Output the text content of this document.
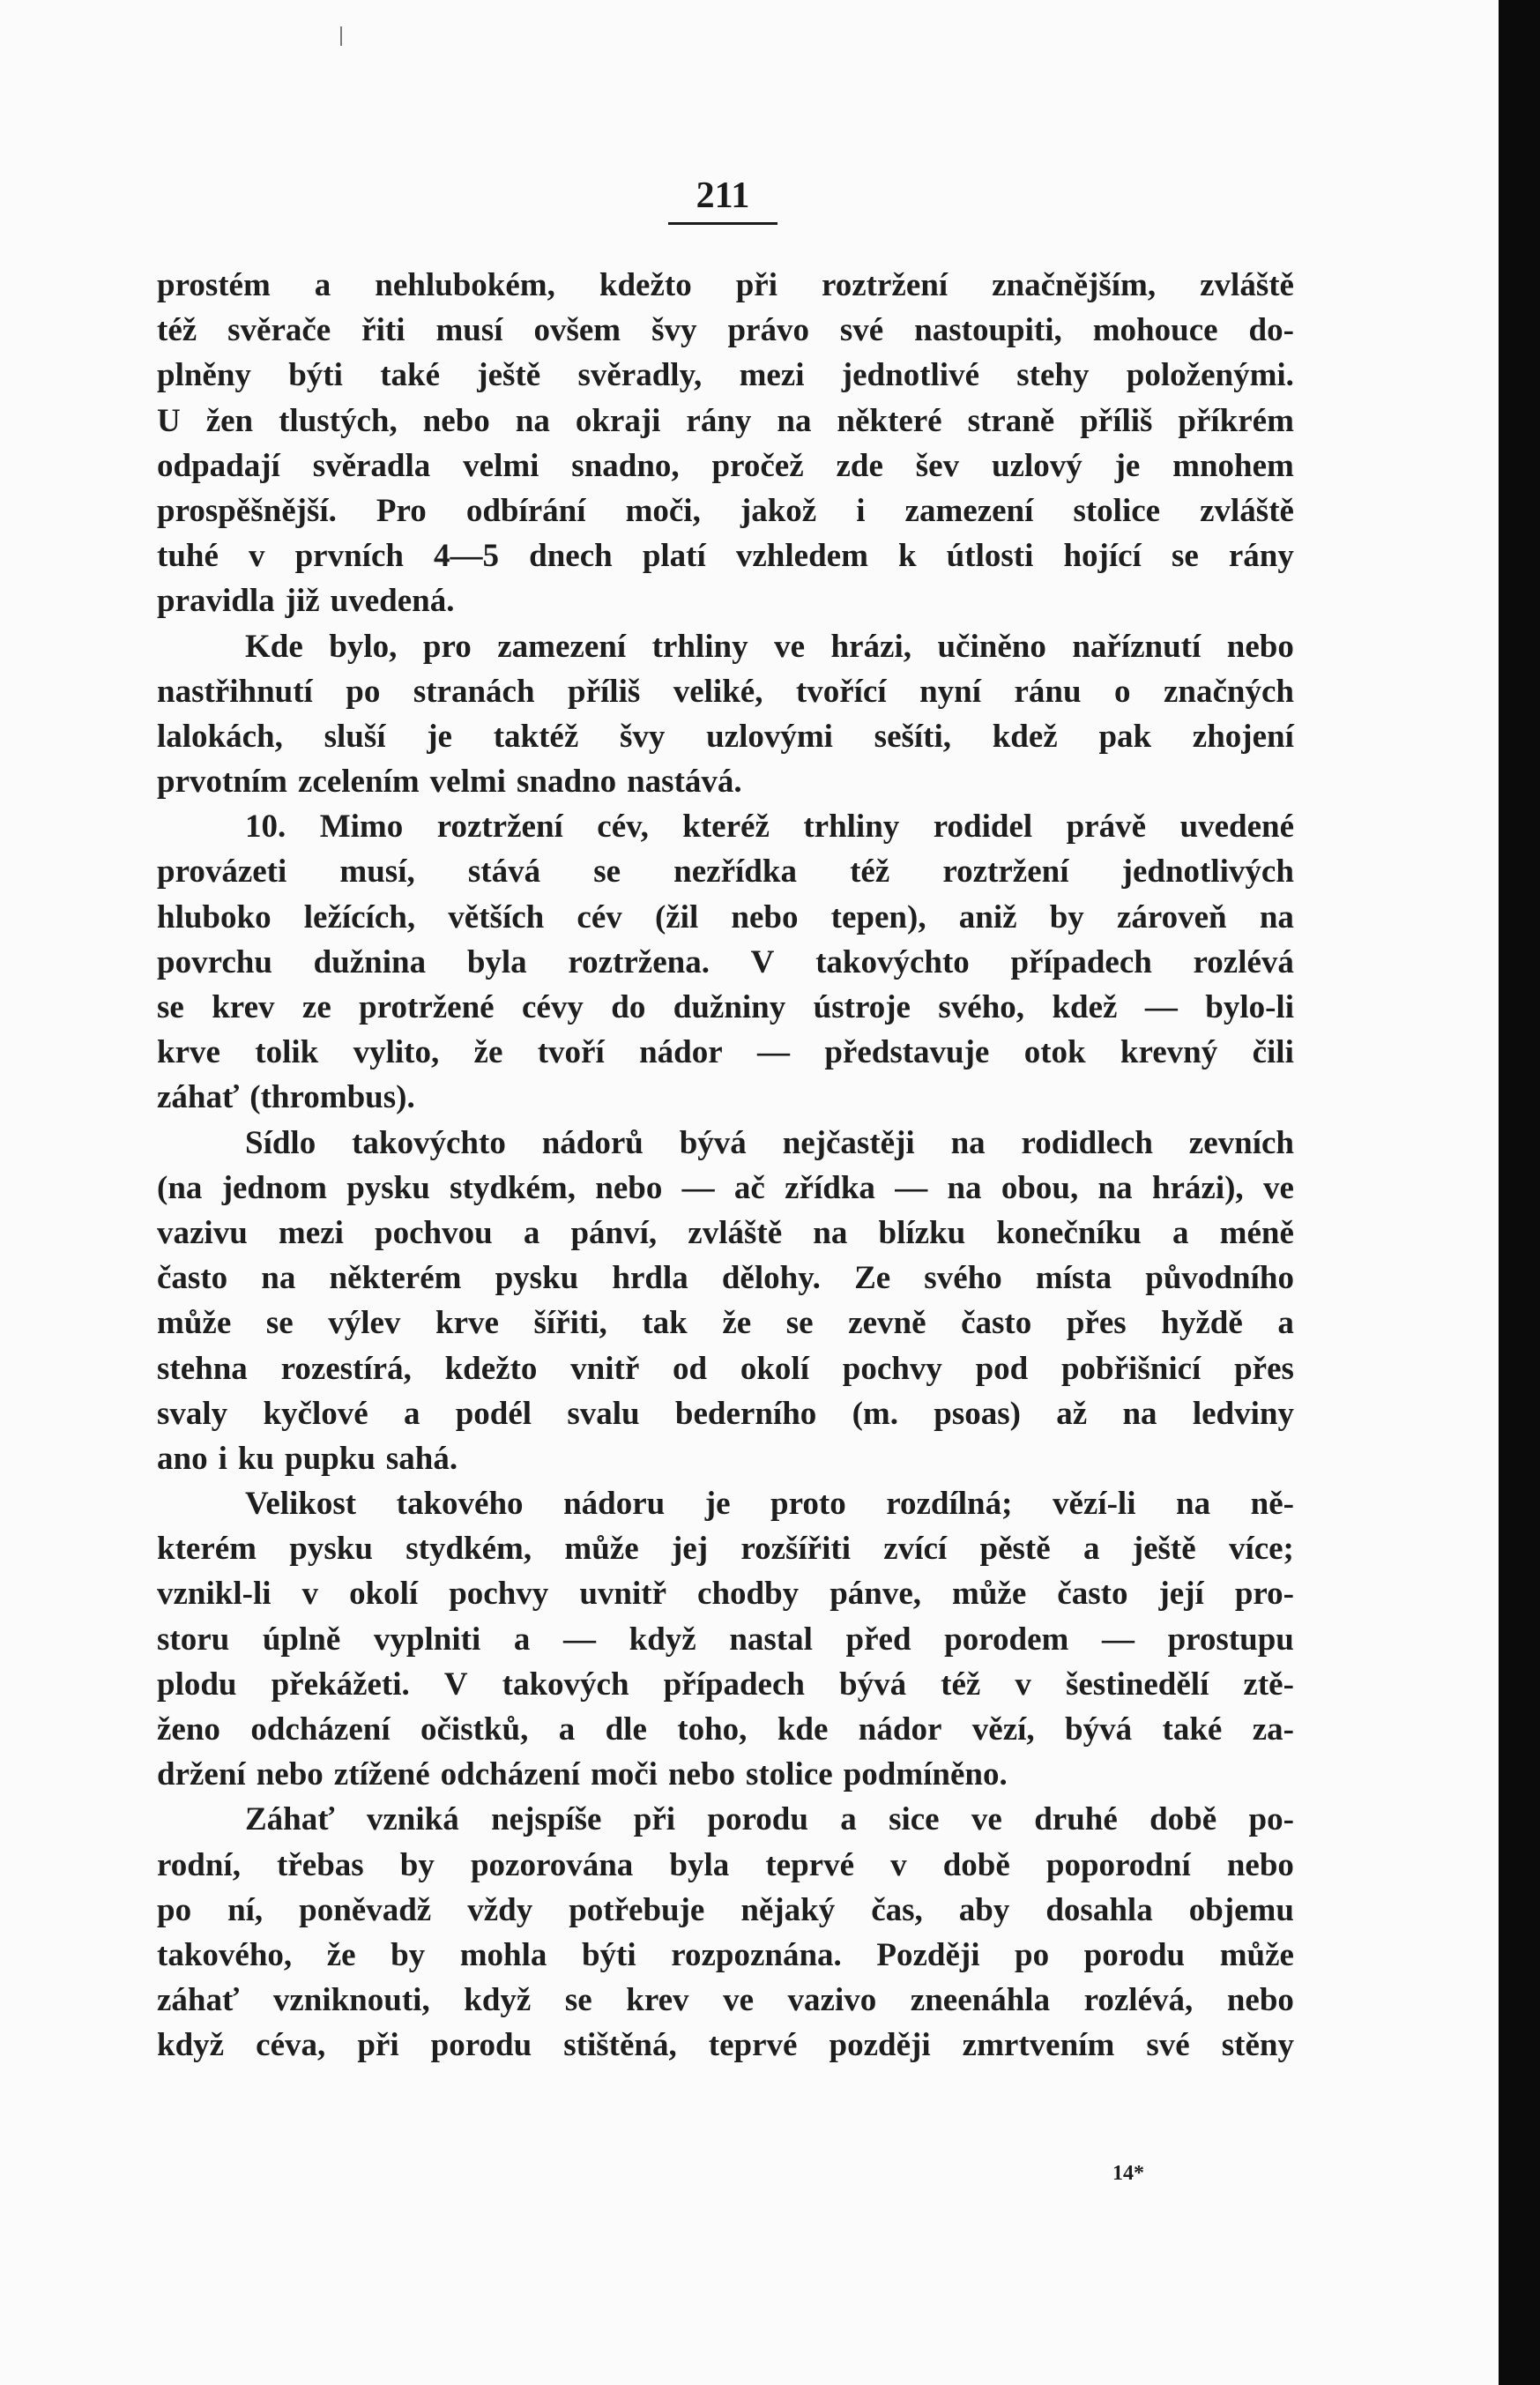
211
prostém a nehlubokém, kdežto při roztržení značnějším, zvláště
též svěrače řiti musí ovšem švy právo své nastoupiti, mohouce do-
plněny býti také ještě svěradly, mezi jednotlivé stehy položenými.
U žen tlustých, nebo na okraji rány na některé straně příliš příkrém
odpadají svěradla velmi snadno, pročež zde šev uzlový je mnohem
prospěšnější. Pro odbírání moči, jakož i zamezení stolice zvláště
tuhé v prvních 4—5 dnech platí vzhledem k útlosti hojící se rány
pravidla již uvedená.
Kde bylo, pro zamezení trhliny ve hrázi, učiněno naříznutí nebo
nastřihnutí po stranách příliš veliké, tvořící nyní ránu o značných
lalokách, sluší je taktéž švy uzlovými sešíti, kdež pak zhojení
prvotním zcelením velmi snadno nastává.
10. Mimo roztržení cév, kteréž trhliny rodidel právě uvedené
provázeti musí, stává se nezřídka též roztržení jednotlivých
hluboko ležících, větších cév (žil nebo tepen), aniž by zároveň na
povrchu dužnina byla roztržena. V takovýchto případech rozlévá
se krev ze protržené cévy do dužniny ústroje svého, kdež — bylo-li
krve tolik vylito, že tvoří nádor — představuje otok krevný čili
záhať (thrombus).
Sídlo takovýchto nádorů bývá nejčastěji na rodidlech zevních
(na jednom pysku stydkém, nebo — ač zřídka — na obou, na hrázi), ve
vazivu mezi pochvou a pánví, zvláště na blízku konečníku a méně
často na některém pysku hrdla dělohy. Ze svého místa původního
může se výlev krve šířiti, tak že se zevně často přes hyždě a
stehna rozestírá, kdežto vnitř od okolí pochvy pod pobřišnicí přes
svaly kyčlové a podél svalu bederního (m. psoas) až na ledviny
ano i ku pupku sahá.
Velikost takového nádoru je proto rozdílná; vězí-li na ně-
kterém pysku stydkém, může jej rozšířiti zvící pěstě a ještě více;
vznikl-li v okolí pochvy uvnitř chodby pánve, může často její pro-
storu úplně vyplniti a — když nastal před porodem — prostupu
plodu překážeti. V takových případech bývá též v šestinedělí ztě-
ženo odcházení očistků, a dle toho, kde nádor vězí, bývá také za-
držení nebo ztížené odcházení moči nebo stolice podmíněno.
Záhať vzniká nejspíše při porodu a sice ve druhé době po-
rodní, třebas by pozorována byla teprvé v době poporodní nebo
po ní, poněvadž vždy potřebuje nějaký čas, aby dosahla objemu
takového, že by mohla býti rozpoznána. Později po porodu může
záhať vzniknouti, když se krev ve vazivo zneenáhla rozlévá, nebo
když céva, při porodu stištěná, teprvé později zmrtvením své stěny
14*
